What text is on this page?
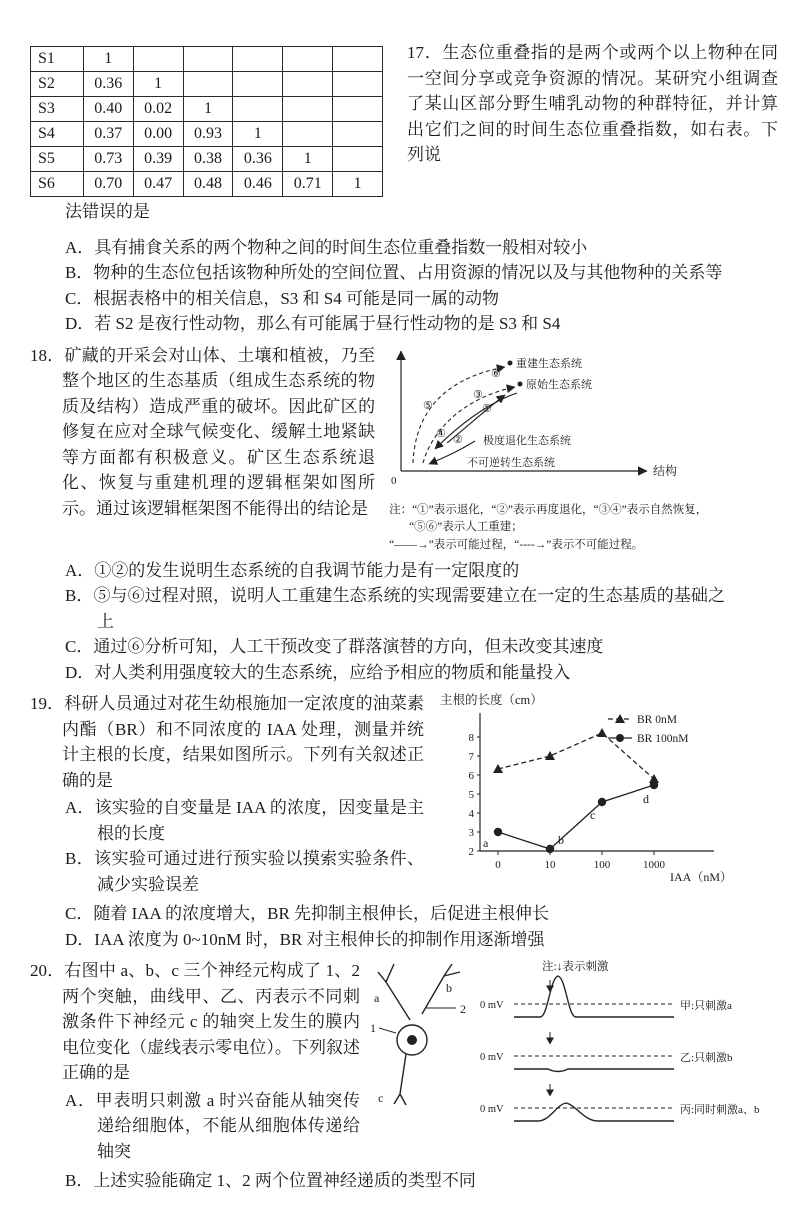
S1	1					
S2	0.36	1				
S3	0.40	0.02	1			
S4	0.37	0.00	0.93	1		
S5	0.73	0.39	0.38	0.36	1	
S6	0.70	0.47	0.48	0.46	0.71	1
17．生态位重叠指的是两个或两个以上物种在同一空间分享或竞争资源的情况。某研究小组调查了某山区部分野生哺乳动物的种群特征，并计算出它们之间的时间生态位重叠指数，如右表。下列说
法错误的是
A．具有捕食关系的两个物种之间的时间生态位重叠指数一般相对较小
B．物种的生态位包括该物种所处的空间位置、占用资源的情况以及与其他物种的关系等
C．根据表格中的相关信息，S3 和 S4 可能是同一属的动物
D．若 S2 是夜行性动物，那么有可能属于昼行性动物的是 S3 和 S4
18．矿藏的开采会对山体、土壤和植被，乃至整个地区的生态基质（组成生态系统的物质及结构）造成严重的破坏。因此矿区的修复在应对全球气候变化、缓解土地紧缺等方面都有积极意义。矿区生态系统退化、恢复与重建机理的逻辑框架如图所示。通过该逻辑框架图不能得出的结论是
0
结构
重建生态系统
原始生态系统
极度退化生态系统
不可逆转生态系统
⑤
⑥
③
①
④ ②
注：“①”表示退化，“②”表示再度退化，“③④”表示自然恢复，
“⑤⑥”表示人工重建；
“——→”表示可能过程，“----→”表示不可能过程。
A．①②的发生说明生态系统的自我调节能力是有一定限度的
B．⑤与⑥过程对照，说明人工重建生态系统的实现需要建立在一定的生态基质的基础之上
C．通过⑥分析可知，人工干预改变了群落演替的方向，但未改变其速度
D．对人类利用强度较大的生态系统，应给予相应的物质和能量投入
19．科研人员通过对花生幼根施加一定浓度的油菜素内酯（BR）和不同浓度的 IAA 处理，测量并统计主根的长度，结果如图所示。下列有关叙述正确的是
A．该实验的自变量是 IAA 的浓度，因变量是主根的长度
B．该实验可通过进行预实验以摸索实验条件、减少实验误差
主根的长度（cm）
2
3
4
5
6
7
8
0	10	100	1000
IAA（nM）
a	b
c
d
BR 0nM
BR 100nM
C．随着 IAA 的浓度增大，BR 先抑制主根伸长，后促进主根伸长
D．IAA 浓度为 0~10nM 时，BR 对主根伸长的抑制作用逐渐增强
20．右图中 a、b、c 三个神经元构成了 1、2 两个突触，曲线甲、乙、丙表示不同刺激条件下神经元 c 的轴突上发生的膜内电位变化（虚线表示零电位）。下列叙述正确的是
A．甲表明只刺激 a 时兴奋能从轴突传递给细胞体，不能从细胞体传递给轴突
a
b
2
1
c
注:↓表示刺激
0 mV	甲:只刺激a
0 mV	乙:只刺激b
0 mV	丙:同时刺激a、b
B．上述实验能确定 1、2 两个位置神经递质的类型不同
